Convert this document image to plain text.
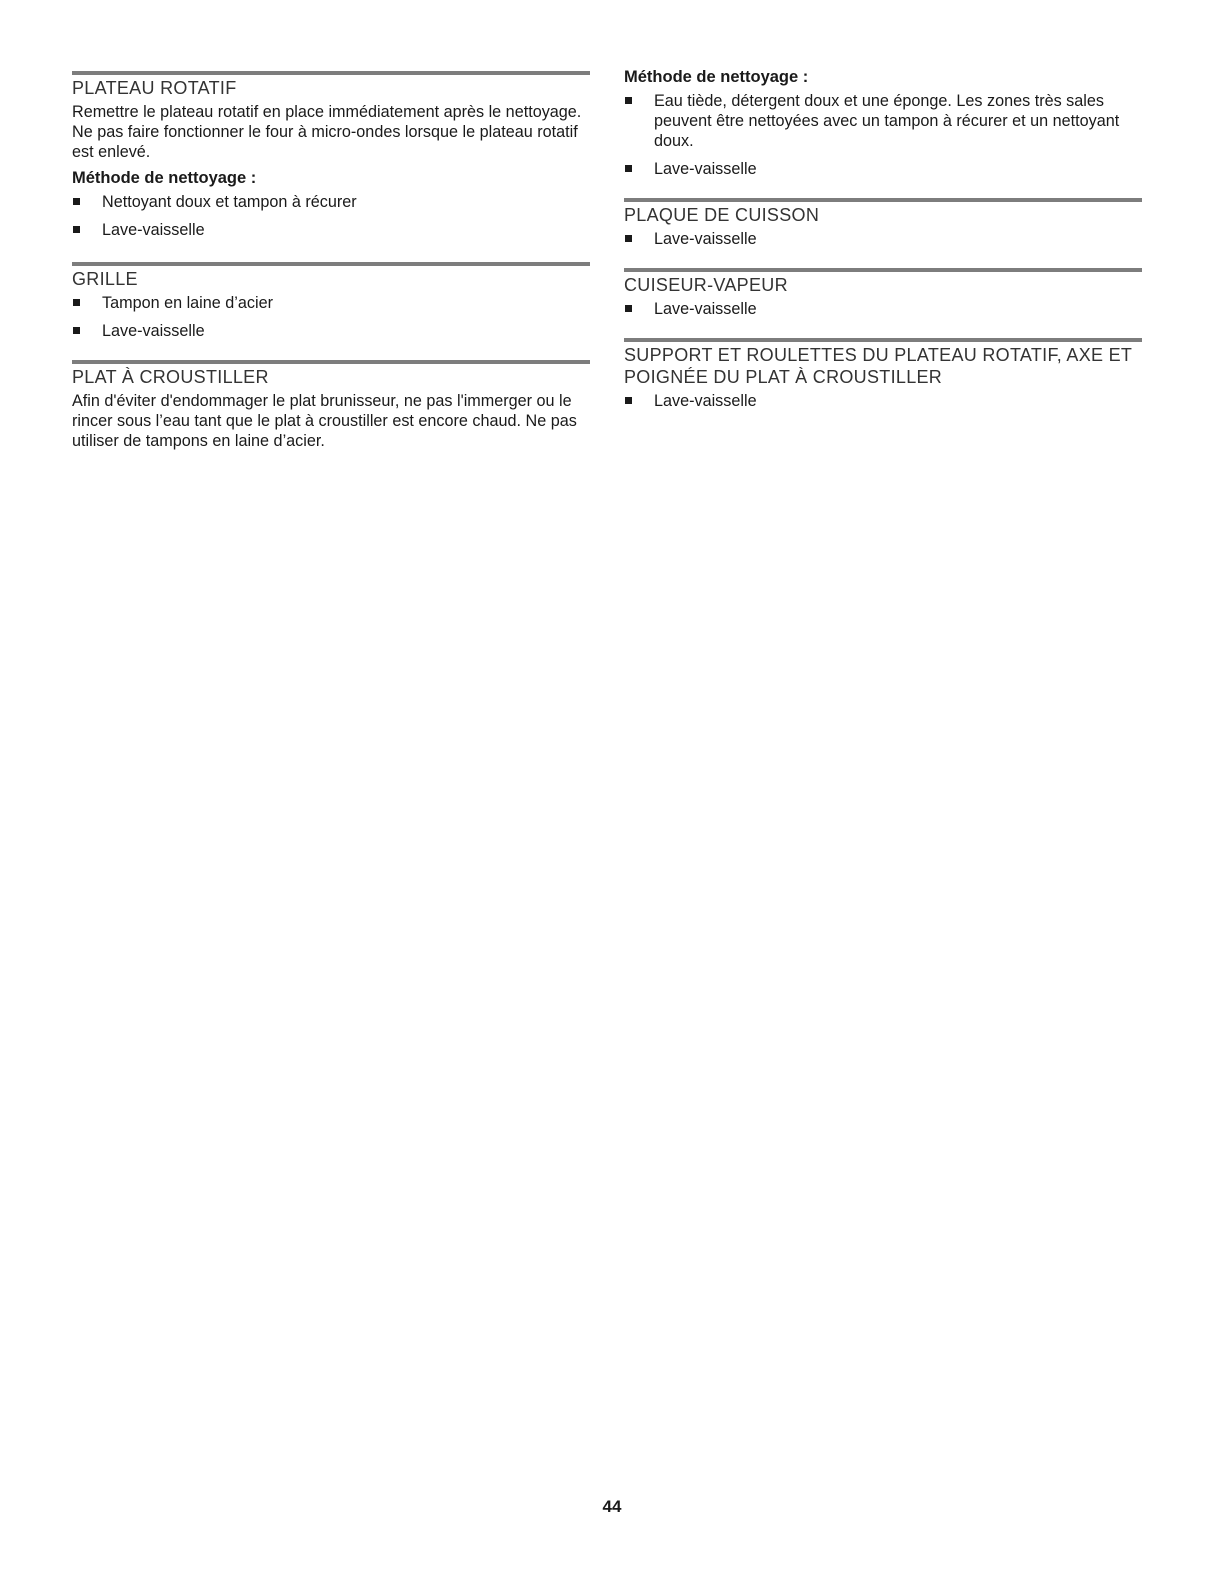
PLATEAU ROTATIF

Remettre le plateau rotatif en place immédiatement après le nettoyage. Ne pas faire fonctionner le four à micro-ondes lorsque le plateau rotatif est enlevé.

Méthode de nettoyage :
Nettoyant doux et tampon à récurer
Lave-vaisselle
GRILLE
Tampon en laine d’acier
Lave-vaisselle
PLAT À CROUSTILLER

Afin d'éviter d'endommager le plat brunisseur, ne pas l'immerger ou le rincer sous l’eau tant que le plat à croustiller est encore chaud. Ne pas utiliser de tampons en laine d’acier.

Méthode de nettoyage :
Eau tiède, détergent doux et une éponge. Les zones très sales peuvent être nettoyées avec un tampon à récurer et un nettoyant doux.
Lave-vaisselle
PLAQUE DE CUISSON
Lave-vaisselle
CUISEUR-VAPEUR
Lave-vaisselle
SUPPORT ET ROULETTES DU PLATEAU ROTATIF, AXE ET POIGNÉE DU PLAT À CROUSTILLER
Lave-vaisselle
44
